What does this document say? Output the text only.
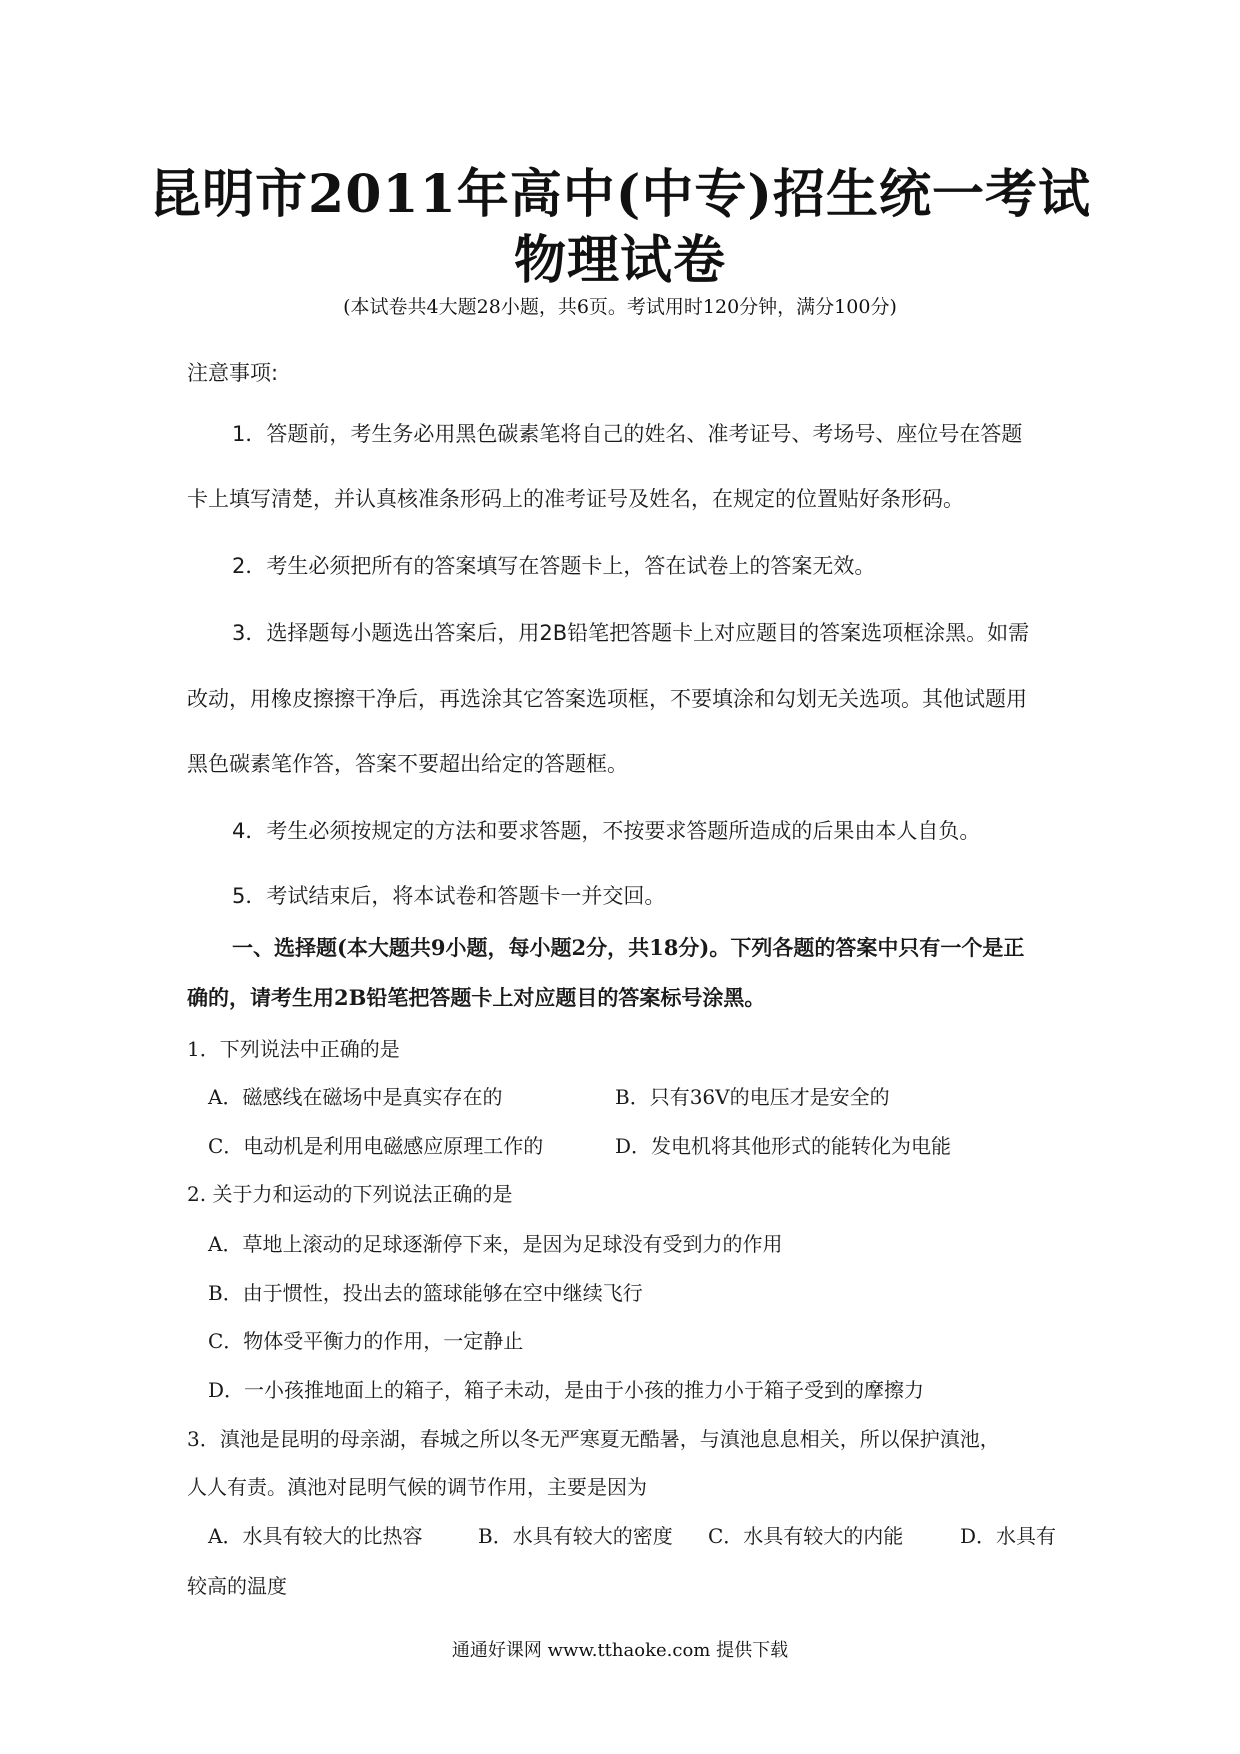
昆明市2011年高中(中专)招生统一考试
物理试卷
(本试卷共4大题28小题，共6页。考试用时120分钟，满分100分)
注意事项:
1．答题前，考生务必用黑色碳素笔将自己的姓名、准考证号、考场号、座位号在答题
卡上填写清楚，并认真核准条形码上的准考证号及姓名，在规定的位置贴好条形码。
2．考生必须把所有的答案填写在答题卡上，答在试卷上的答案无效。
3．选择题每小题选出答案后，用2B铅笔把答题卡上对应题目的答案选项框涂黑。如需
改动，用橡皮擦擦干净后，再选涂其它答案选项框，不要填涂和勾划无关选项。其他试题用
黑色碳素笔作答，答案不要超出给定的答题框。
4．考生必须按规定的方法和要求答题，不按要求答题所造成的后果由本人自负。
5．考试结束后，将本试卷和答题卡一并交回。
一、选择题(本大题共9小题，每小题2分，共18分)。下列各题的答案中只有一个是正
确的，请考生用2B铅笔把答题卡上对应题目的答案标号涂黑。
1．下列说法中正确的是
A．磁感线在磁场中是真实存在的	B．只有36V的电压才是安全的
C．电动机是利用电磁感应原理工作的	D．发电机将其他形式的能转化为电能
2. 关于力和运动的下列说法正确的是
A．草地上滚动的足球逐渐停下来，是因为足球没有受到力的作用
B．由于惯性，投出去的篮球能够在空中继续飞行
C．物体受平衡力的作用，一定静止
D．一小孩推地面上的箱子，箱子未动，是由于小孩的推力小于箱子受到的摩擦力
3．滇池是昆明的母亲湖，春城之所以冬无严寒夏无酷暑，与滇池息息相关，所以保护滇池，
人人有责。滇池对昆明气候的调节作用，主要是因为
A．水具有较大的比热容	B．水具有较大的密度 C．水具有较大的内能	D．水具有
较高的温度
通通好课网 www.tthaoke.com 提供下载
